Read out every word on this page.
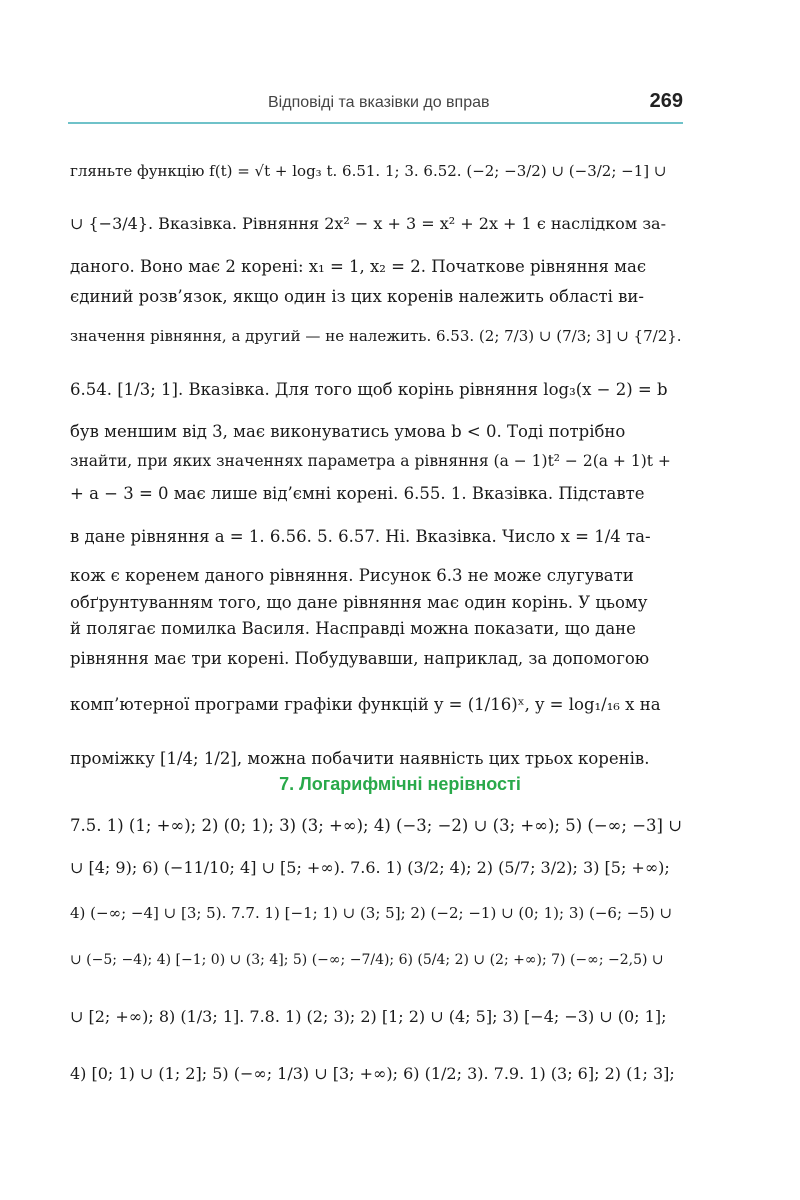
Відповіді та вказівки до вправ	269
гляньте функцію f(t) = √t + log₃ t. 6.51. 1; 3. 6.52. (−2; −3/2) ∪ (−3/2; −1] ∪
∪ {−3/4}. Вказівка. Рівняння 2x² − x + 3 = x² + 2x + 1 є наслідком за-
даного. Воно має 2 корені: x₁ = 1, x₂ = 2. Початкове рівняння має
єдиний розв’язок, якщо один із цих коренів належить області ви-
значення рівняння, а другий — не належить. 6.53. (2; 7/3) ∪ (7/3; 3] ∪ {7/2}.
6.54. [1/3; 1]. Вказівка. Для того щоб корінь рівняння log₃(x − 2) = b
був меншим від 3, має виконуватись умова b < 0. Тоді потрібно
знайти, при яких значеннях параметра a рівняння (a − 1)t² − 2(a + 1)t +
+ a − 3 = 0 має лише від’ємні корені. 6.55. 1. Вказівка. Підставте
в дане рівняння a = 1. 6.56. 5. 6.57. Ні. Вказівка. Число x = 1/4 та-
кож є коренем даного рівняння. Рисунок 6.3 не може слугувати
обґрунтуванням того, що дане рівняння має один корінь. У цьому
й полягає помилка Василя. Насправді можна показати, що дане
рівняння має три корені. Побудувавши, наприклад, за допомогою
комп’ютерної програми графіки функцій y = (1/16)ˣ, y = log₁/₁₆ x на
проміжку [1/4; 1/2], можна побачити наявність цих трьох коренів.
7. Логарифмічні нерівності
7.5. 1) (1; +∞); 2) (0; 1); 3) (3; +∞); 4) (−3; −2) ∪ (3; +∞); 5) (−∞; −3] ∪
∪ [4; 9); 6) (−11/10; 4] ∪ [5; +∞). 7.6. 1) (3/2; 4); 2) (5/7; 3/2); 3) [5; +∞);
4) (−∞; −4] ∪ [3; 5). 7.7. 1) [−1; 1) ∪ (3; 5]; 2) (−2; −1) ∪ (0; 1); 3) (−6; −5) ∪
∪ (−5; −4); 4) [−1; 0) ∪ (3; 4]; 5) (−∞; −7/4); 6) (5/4; 2) ∪ (2; +∞); 7) (−∞; −2,5) ∪
∪ [2; +∞); 8) (1/3; 1]. 7.8. 1) (2; 3); 2) [1; 2) ∪ (4; 5]; 3) [−4; −3) ∪ (0; 1];
4) [0; 1) ∪ (1; 2]; 5) (−∞; 1/3) ∪ [3; +∞); 6) (1/2; 3). 7.9. 1) (3; 6]; 2) (1; 3];
